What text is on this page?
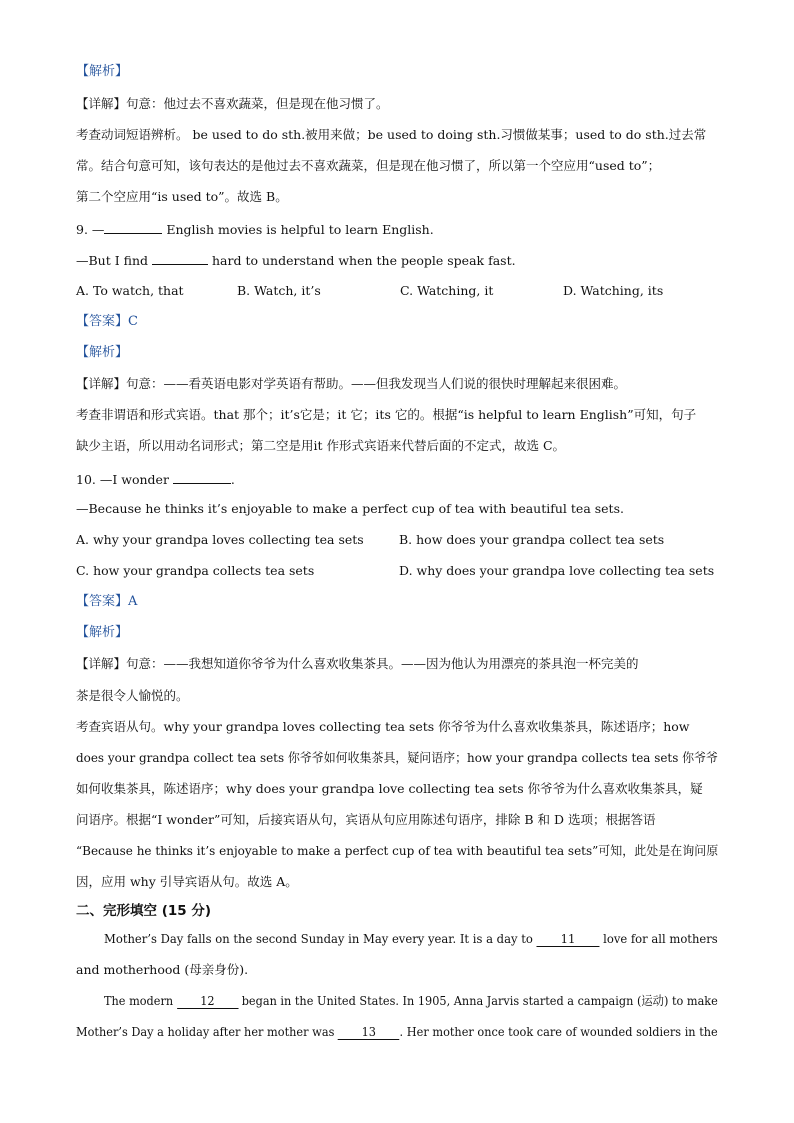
【解析】
【详解】句意：他过去不喜欢蔬菜，但是现在他习惯了。
考查动词短语辨析。 be used to do sth.被用来做；be used to doing sth.习惯做某事；used to do sth.过去常
常。结合句意可知，该句表达的是他过去不喜欢蔬菜，但是现在他习惯了，所以第一个空应用“used to”；
第二个空应用“is used to”。故选 B。
9. —	English movies is helpful to learn English.
—But I find	hard to understand when the people speak fast.
A. To watch, that	B. Watch, it’s	C. Watching, it	D. Watching, its
【答案】C
【解析】
【详解】句意：——看英语电影对学英语有帮助。——但我发现当人们说的很快时理解起来很困难。
考查非谓语和形式宾语。that 那个；it’s它是；it 它；its 它的。根据“is helpful to learn English”可知，句子
缺少主语，所以用动名词形式；第二空是用it 作形式宾语来代替后面的不定式，故选 C。
10. —I wonder	.
—Because he thinks it’s enjoyable to make a perfect cup of tea with beautiful tea sets.
A. why your grandpa loves collecting tea sets	B. how does your grandpa collect tea sets
C. how your grandpa collects tea sets	D. why does your grandpa love collecting tea sets
【答案】A
【解析】
【详解】句意：——我想知道你爷爷为什么喜欢收集茶具。——因为他认为用漂亮的茶具泡一杯完美的
茶是很令人愉悦的。
考查宾语从句。why your grandpa loves collecting tea sets 你爷爷为什么喜欢收集茶具，陈述语序；how
does your grandpa collect tea sets 你爷爷如何收集茶具，疑问语序；how your grandpa collects tea sets 你爷爷
如何收集茶具，陈述语序；why does your grandpa love collecting tea sets 你爷爷为什么喜欢收集茶具，疑
问语序。根据“I wonder”可知，后接宾语从句，宾语从句应用陈述句语序，排除 B 和 D 选项；根据答语
“Because he thinks it’s enjoyable to make a perfect cup of tea with beautiful tea sets”可知，此处是在询问原
因，应用 why 引导宾语从句。故选 A。
二、完形填空 (15 分)
Mother’s Day falls on the second Sunday in May every year. It is a day to 11 love for all mothers
and motherhood (母亲身份).
The modern 12 began in the United States. In 1905, Anna Jarvis started a campaign (运动) to make
Mother’s Day a holiday after her mother was 13 . Her mother once took care of wounded soldiers in the
